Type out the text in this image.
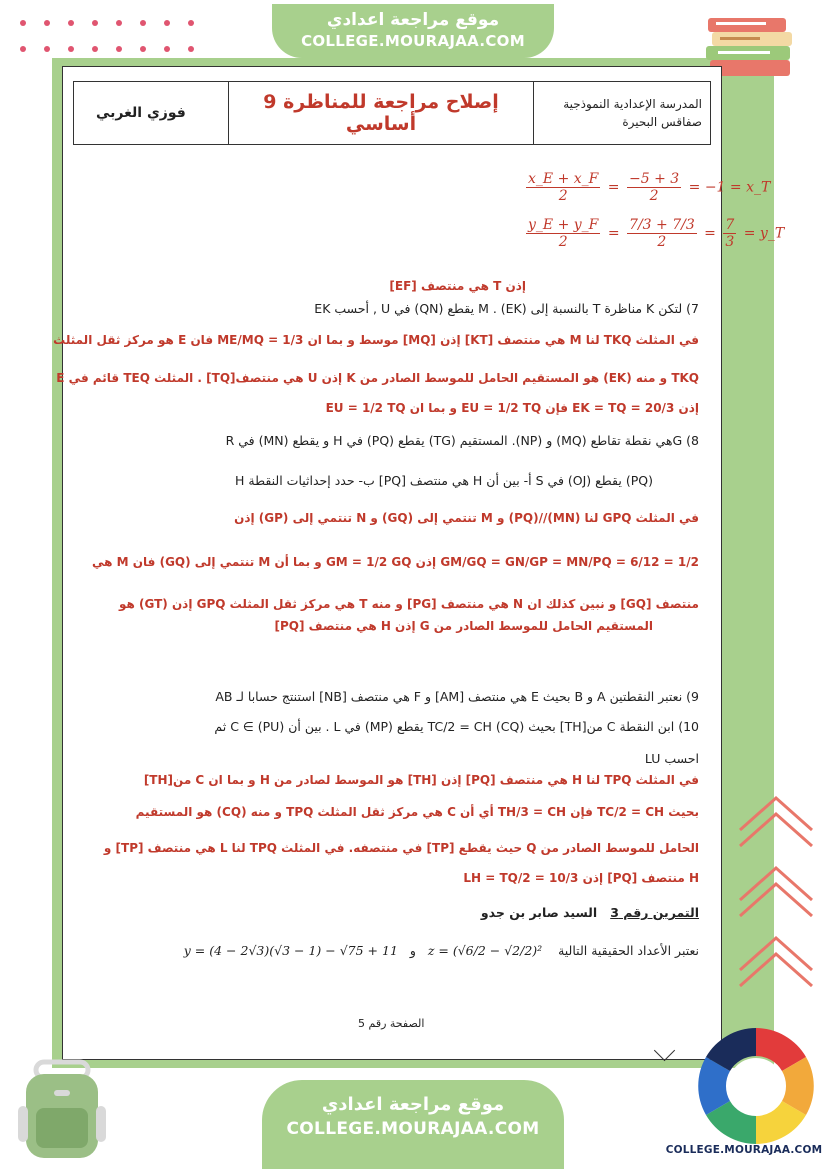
موقع مراجعة اعدادي
COLLEGE.MOURAJAA.COM
المدرسة الإعدادية النموذجية
صفاقس البحيرة
إصلاح مراجعة للمناظرة 9 أساسي
فوزي الغربي
$\frac{x\_E + x\_F}{2} = \frac{-5 + 3}{2} = -1$ = x_T
$\frac{y\_E + y\_F}{2} = \frac{7/3 + 7/3}{2} = \frac{7}{3}$ = y_T
إذن T هي منتصف [EF]
7) لتكن K مناظرة T بالنسبة إلى M . (EK) يقطع (QN) في U , أحسب EK
في المثلث TKQ لنا M هي منتصف [KT] إذن [MQ] موسط و بما ان ME/MQ = 1/3 فان E هو مركز ثقل المثلث
TKQ و منه (EK) هو المستقيم الحامل للموسط الصادر من K إذن U هي منتصف[TQ] . المثلث TEQ قائم في E
إذن EK = TQ = 20/3 فإن EU = 1/2 TQ و بما ان EU = 1/2 TQ
8) Gهي نقطة تقاطع (MQ) و (NP). المستقيم (TG) يقطع (PQ) في H و يقطع (MN) في R
(PQ) يقطع (OJ) في S أ- بين أن H هي منتصف [PQ] ب- حدد إحداثيات النقطة H
في المثلث GPQ لنا (MN)//(PQ) و M تنتمي إلى (GQ) و N تنتمي إلى (GP) إذن
GM/GQ = GN/GP = MN/PQ = 6/12 = 1/2 إذن GM = 1/2 GQ و بما أن M تنتمي إلى (GQ) فان M هي
منتصف [GQ] و نبين كذلك ان N هي منتصف [PG] و منه T هي مركز ثقل المثلث GPQ إذن (GT) هو
المستقيم الحامل للموسط الصادر من G إذن H هي منتصف [PQ]
9) نعتبر النقطتين A و B بحيث E هي منتصف [AM] و F هي منتصف [NB] استنتج حسابا لـ AB
10) ابن النقطة C من[TH] بحيث TC/2 = CH (CQ) يقطع (MP) في L . بين أن C ∈ (PU) ثم
احسب LU
في المثلث TPQ لنا H هي منتصف [PQ] إذن [TH] هو الموسط لصادر من H و بما ان C من[TH]
بحيث TC/2 = CH فإن TH/3 = CH أي أن C هي مركز ثقل المثلث TPQ و منه (CQ) هو المستقيم
الحامل للموسط الصادر من Q حيث يقطع [TP] في منتصفه. في المثلث TPQ لنا L هي منتصف [TP] و
H منتصف [PQ] إذن LH = TQ/2 = 10/3
التمرين رقم 3   السيد صابر بن جدو
نعتبر الأعداد الحقيقية التالية    z = (√6/2 − √2/2)²   و   y = (4 − 2√3)(√3 − 1) − √75 + 11
الصفحة رقم 5
موقع مراجعة اعدادي
COLLEGE.MOURAJAA.COM
COLLEGE.MOURAJAA.COM
